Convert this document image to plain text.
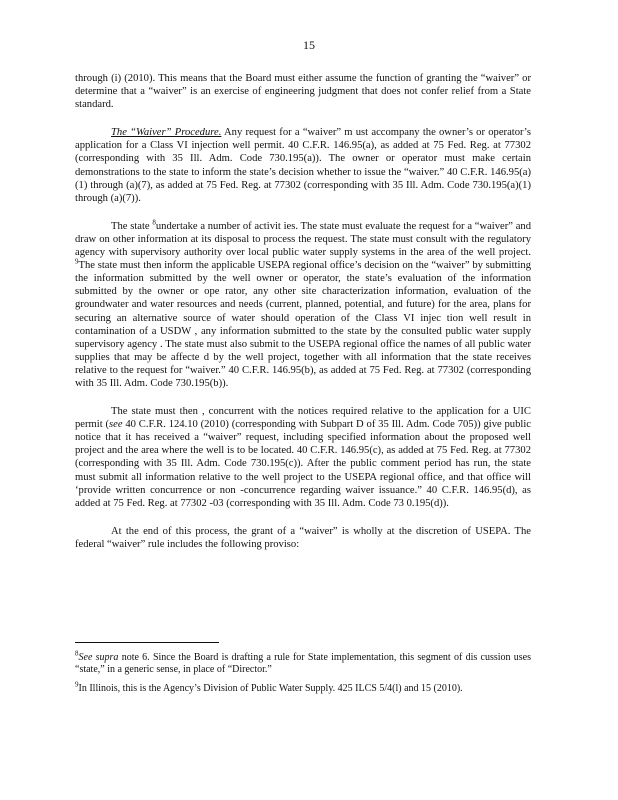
15

through (i) (2010). This means that the Board must either assume the function of granting the “waiver” or determine that a “waiver” is an exercise of engineering judgment that does not confer relief from a State standard.

The “Waiver” Procedure. Any request for a “waiver” m ust accompany the owner’s or operator’s application for a Class VI injection well permit. 40 C.F.R. 146.95(a), as added at 75 Fed. Reg. at 77302 (corresponding with 35 Ill. Adm. Code 730.195(a)). The owner or operator must make certain demonstrations to the state to inform the state’s decision whether to issue the “waiver.” 40 C.F.R. 146.95(a)(1) through (a)(7), as added at 75 Fed. Reg. at 77302 (corresponding with 35 Ill. Adm. Code 730.195(a)(1) through (a)(7)).

The state $^8$undertake a number of activit ies. The state must evaluate the request for a “waiver” and draw on other information at its disposal to process the request. The state must consult with the regulatory agency with supervisory authority over local public water supply systems in the area of the well project. $^9$The state must then inform the applicable USEPA regional office’s decision on the “waiver” by submitting the information submitted by the well owner or operator, the state’s evaluation of the information submitted by the owner or ope rator, any other site characterization information, evaluation of the groundwater and water resources and needs (current, planned, potential, and future) for the area, plans for securing an alternative source of water should operation of the Class VI injec tion well result in contamination of a USDW , any information submitted to the state by the consulted public water supply supervisory agency . The state must also submit to the USEPA regional office the names of all public water supplies that may be affecte d by the well project, together with all information that the state receives relative to the request for “waiver.” 40 C.F.R. 146.95(b), as added at 75 Fed. Reg. at 77302 (corresponding with 35 Ill. Adm. Code 730.195(b)).

The state must then , concurrent with the notices required relative to the application for a UIC permit (see 40 C.F.R. 124.10 (2010) (corresponding with Subpart D of 35 Ill. Adm. Code 705)) give public notice that it has received a “waiver” request, including specified information about the proposed well project and the area where the well is to be located. 40 C.F.R. 146.95(c), as added at 75 Fed. Reg. at 77302 (corresponding with 35 Ill. Adm. Code 730.195(c)). After the public comment period has run, the state must submit all information relative to the well project to the USEPA regional office, and that office will ‘provide written concurrence or non -concurrence regarding waiver issuance.” 40 C.F.R. 146.95(d), as added at 75 Fed. Reg. at 77302 -03 (corresponding with 35 Ill. Adm. Code 73 0.195(d)).

At the end of this process, the grant of a “waiver” is wholly at the discretion of USEPA. The federal “waiver” rule includes the following proviso:

$^8$See supra note 6. Since the Board is drafting a rule for State implementation, this segment of dis cussion uses “state,” in a generic sense, in place of “Director.”

$^9$In Illinois, this is the Agency’s Division of Public Water Supply. 425 ILCS 5/4(l) and 15 (2010).
